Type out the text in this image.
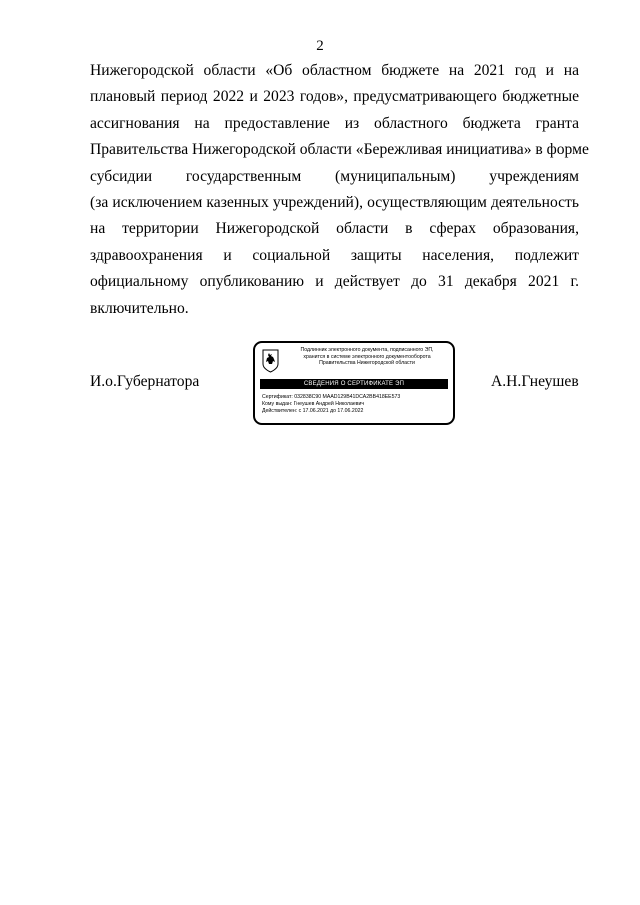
2
Нижегородской области «Об областном бюджете на 2021 год и на
плановый период 2022 и 2023 годов», предусматривающего бюджетные
ассигнования на предоставление из областного бюджета гранта
Правительства Нижегородской области «Бережливая инициатива» в форме
субсидии государственным (муниципальным) учреждениям
(за исключением казенных учреждений), осуществляющим деятельность
на территории Нижегородской области в сферах образования,
здравоохранения и социальной защиты населения, подлежит
официальному опубликованию и действует до 31 декабря 2021 г.
включительно.
И.о.Губернатора
Подлинник электронного документа, подписанного ЭП,
хранится в системе электронного документооборота
Правительства Нижегородской области
СВЕДЕНИЯ О СЕРТИФИКАТЕ ЭП
Сертификат: 032838C90 МААD129В41DСА2ВВ418ЕЕ573
Кому выдан: Гнеушев Андрей Николаевич
Действителен: с 17.06.2021 до 17.06.2022
А.Н.Гнеушев
